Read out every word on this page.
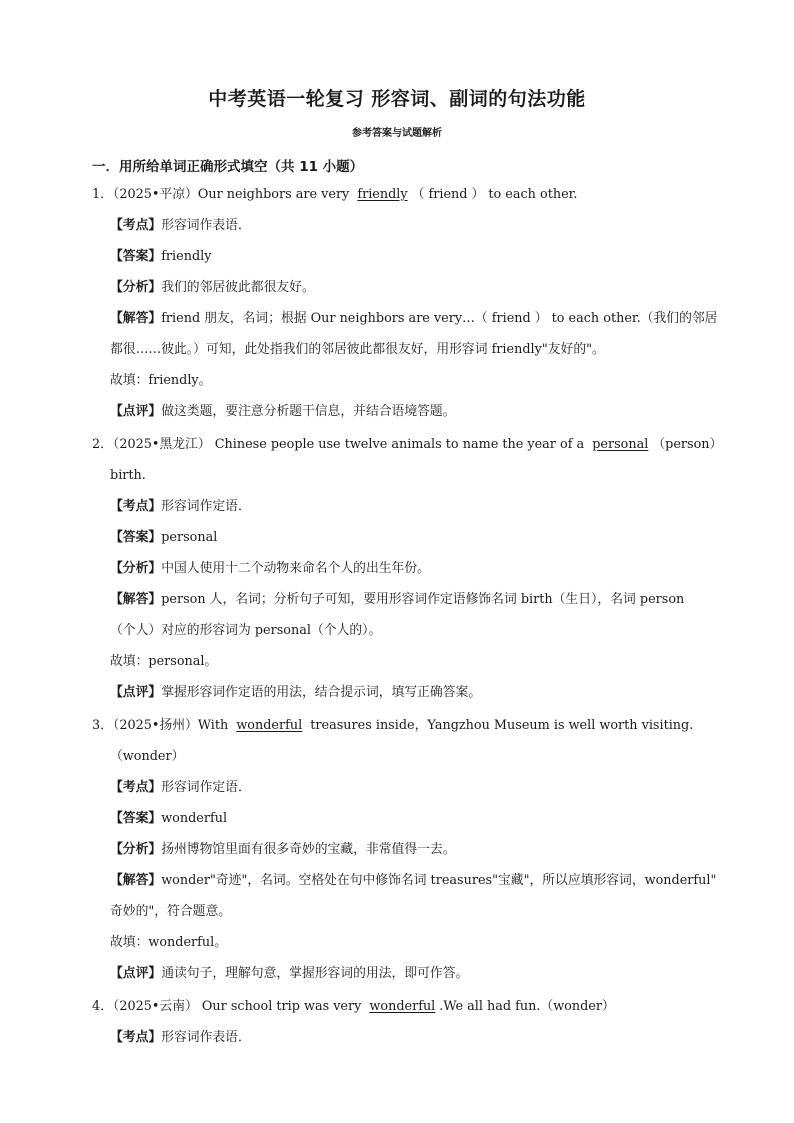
中考英语一轮复习 形容词、副词的句法功能
参考答案与试题解析
一．用所给单词正确形式填空（共 11 小题）
1．（2025•平凉）Our neighbors are very friendly（ friend ） to each other.
【考点】形容词作表语．
【答案】friendly
【分析】我们的邻居彼此都很友好。
【解答】friend 朋友，名词；根据 Our neighbors are very…（ friend ） to each other.（我们的邻居
都很……彼此。）可知，此处指我们的邻居彼此都很友好，用形容词 friendly"友好的"。
故填：friendly。
【点评】做这类题，要注意分析题干信息，并结合语境答题。
2．（2025•黑龙江） Chinese people use twelve animals to name the year of a personal（person）
birth.
【考点】形容词作定语．
【答案】personal
【分析】中国人使用十二个动物来命名个人的出生年份。
【解答】person 人，名词；分析句子可知，要用形容词作定语修饰名词 birth（生日），名词 person
（个人）对应的形容词为 personal（个人的）。
故填：personal。
【点评】掌握形容词作定语的用法，结合提示词，填写正确答案。
3．（2025•扬州）With wonderful treasures inside，Yangzhou Museum is well worth visiting.
（wonder）
【考点】形容词作定语．
【答案】wonderful
【分析】扬州博物馆里面有很多奇妙的宝藏，非常值得一去。
【解答】wonder"奇迹"，名词。空格处在句中修饰名词 treasures"宝藏"，所以应填形容词，wonderful"
奇妙的"，符合题意。
故填：wonderful。
【点评】通读句子，理解句意，掌握形容词的用法，即可作答。
4．（2025•云南） Our school trip was very wonderful.We all had fun.（wonder）
【考点】形容词作表语．
